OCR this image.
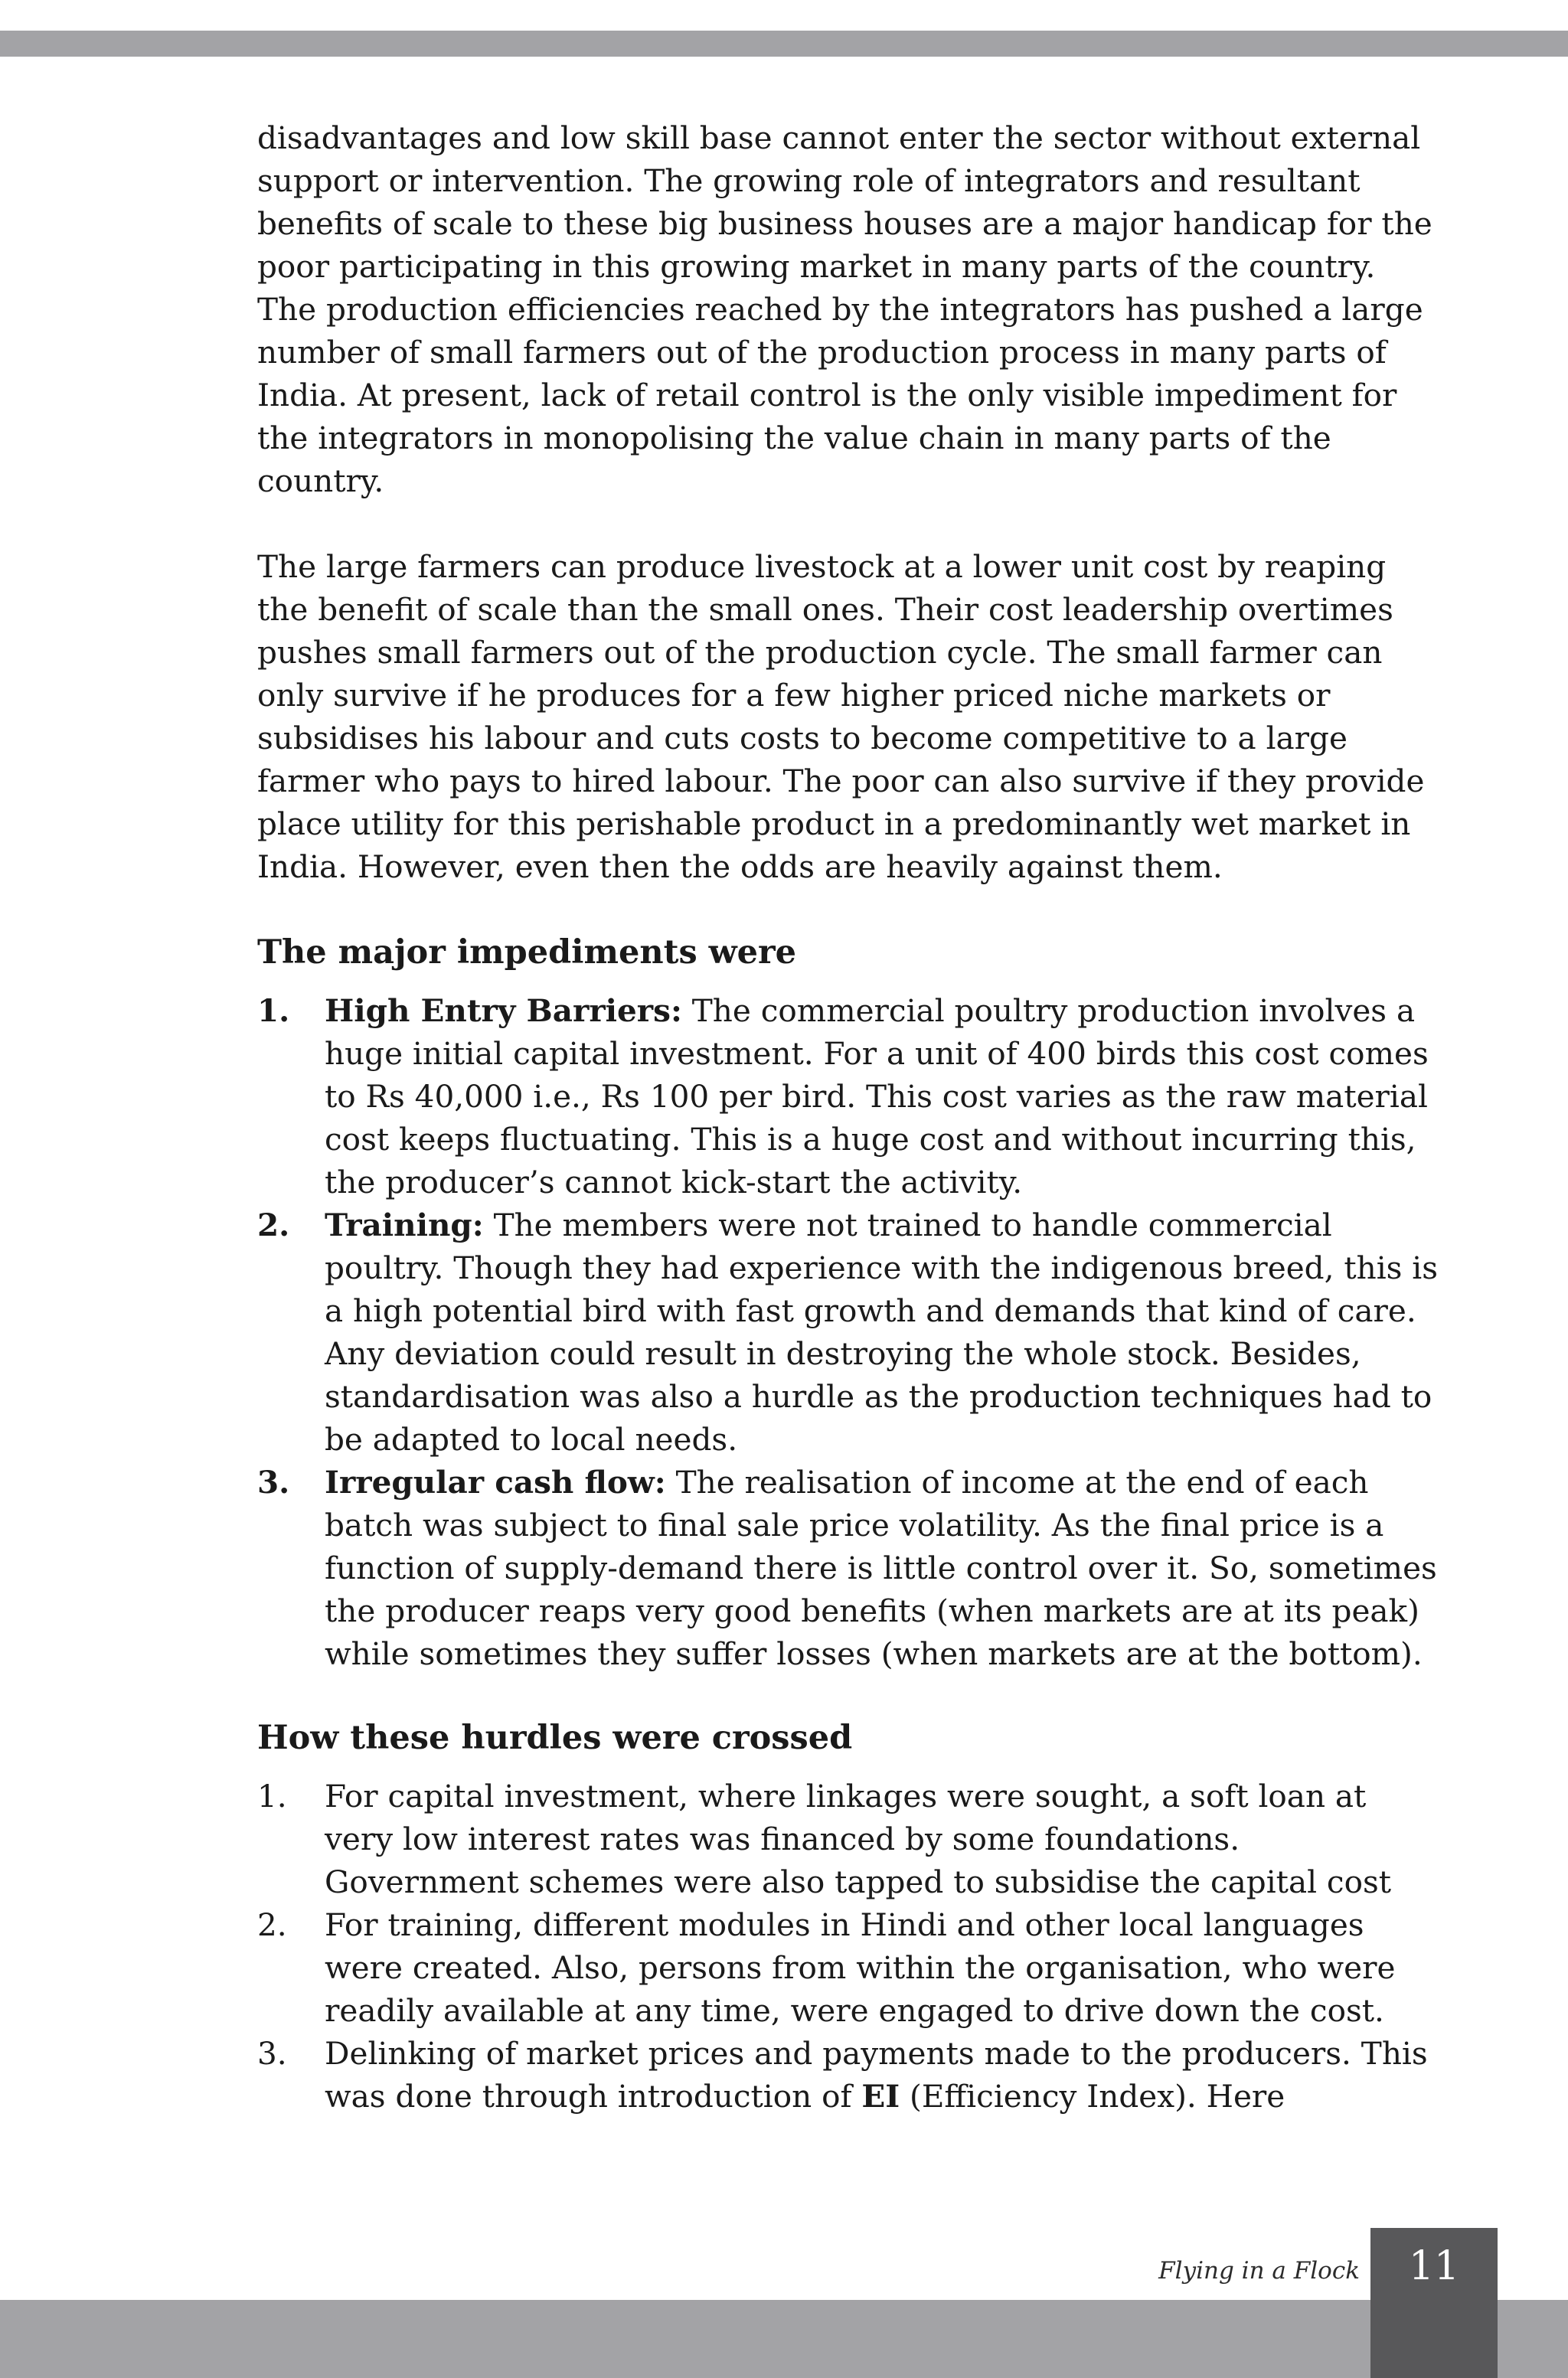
disadvantages and low skill base cannot enter the sector without external support or intervention. The growing role of integrators and resultant benefits of scale to these big business houses are a major handicap for the poor participating in this growing market in many parts of the country. The production efficiencies reached by the integrators has pushed a large number of small farmers out of the production process in many parts of India. At present, lack of retail control is the only visible impediment for the integrators in monopolising the value chain in many parts of the country.

The large farmers can produce livestock at a lower unit cost by reaping the benefit of scale than the small ones. Their cost leadership overtimes pushes small farmers out of the production cycle. The small farmer can only survive if he produces for a few higher priced niche markets or subsidises his labour and cuts costs to become competitive to a large farmer who pays to hired labour. The poor can also survive if they provide place utility for this perishable product in a predominantly wet market in India. However, even then the odds are heavily against them.

The major impediments were
1. High Entry Barriers: The commercial poultry production involves a huge initial capital investment. For a unit of 400 birds this cost comes to Rs 40,000 i.e., Rs 100 per bird. This cost varies as the raw material cost keeps fluctuating. This is a huge cost and without incurring this, the producer’s cannot kick-start the activity.
2. Training: The members were not trained to handle commercial poultry. Though they had experience with the indigenous breed, this is a high potential bird with fast growth and demands that kind of care. Any deviation could result in destroying the whole stock. Besides, standardisation was also a hurdle as the production techniques had to be adapted to local needs.
3. Irregular cash flow: The realisation of income at the end of each batch was subject to final sale price volatility. As the final price is a function of supply-demand there is little control over it. So, sometimes the producer reaps very good benefits (when markets are at its peak) while sometimes they suffer losses (when markets are at the bottom).
How these hurdles were crossed
1. For capital investment, where linkages were sought, a soft loan at very low interest rates was financed by some foundations. Government schemes were also tapped to subsidise the capital cost
2. For training, different modules in Hindi and other local languages were created. Also, persons from within the organisation, who were readily available at any time, were engaged to drive down the cost.
3. Delinking of market prices and payments made to the producers. This was done through introduction of EI (Efficiency Index). Here
Flying in a Flock	11
